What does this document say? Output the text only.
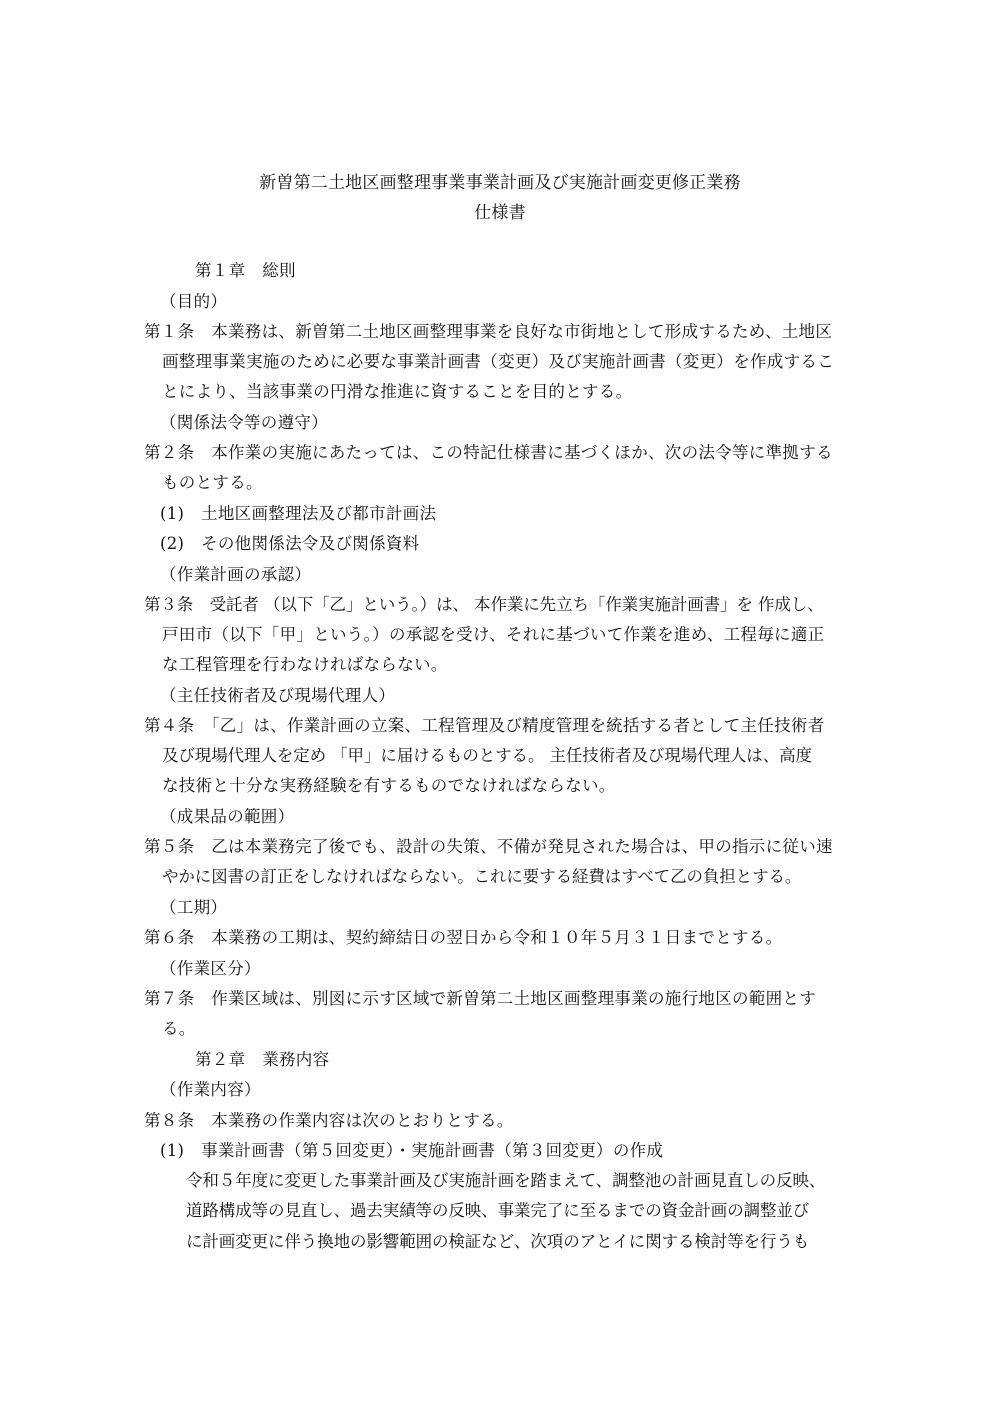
新曽第二土地区画整理事業事業計画及び実施計画変更修正業務
仕様書
第１章　総則
（目的）
第１条　本業務は、新曽第二土地区画整理事業を良好な市街地として形成するため、土地区
画整理事業実施のために必要な事業計画書（変更）及び実施計画書（変更）を作成するこ
とにより、当該事業の円滑な推進に資することを目的とする。
（関係法令等の遵守）
第２条　本作業の実施にあたっては、この特記仕様書に基づくほか、次の法令等に準拠する
ものとする。
(1)　土地区画整理法及び都市計画法
(2)　その他関係法令及び関係資料
（作業計画の承認）
第３条　受託者 （以下「乙」という。）は、 本作業に先立ち「作業実施計画書」を 作成し、
戸田市（以下「甲」という。）の承認を受け、それに基づいて作業を進め、工程毎に適正
な工程管理を行わなければならない。
（主任技術者及び現場代理人）
第４条　「乙」は、作業計画の立案、工程管理及び精度管理を統括する者として主任技術者
及び現場代理人を定め 「甲」に届けるものとする。 主任技術者及び現場代理人は、高度
な技術と十分な実務経験を有するものでなければならない。
（成果品の範囲）
第５条　乙は本業務完了後でも、設計の失策、不備が発見された場合は、甲の指示に従い速
やかに図書の訂正をしなければならない。これに要する経費はすべて乙の負担とする。
（工期）
第６条　本業務の工期は、契約締結日の翌日から令和１０年５月３１日までとする。
（作業区分）
第７条　作業区域は、別図に示す区域で新曽第二土地区画整理事業の施行地区の範囲とす
る。
第２章　業務内容
（作業内容）
第８条　本業務の作業内容は次のとおりとする。
(1)　事業計画書（第５回変更）・実施計画書（第３回変更）の作成
令和５年度に変更した事業計画及び実施計画を踏まえて、調整池の計画見直しの反映、
道路構成等の見直し、過去実績等の反映、事業完了に至るまでの資金計画の調整並び
に計画変更に伴う換地の影響範囲の検証など、次項のアとイに関する検討等を行うも
